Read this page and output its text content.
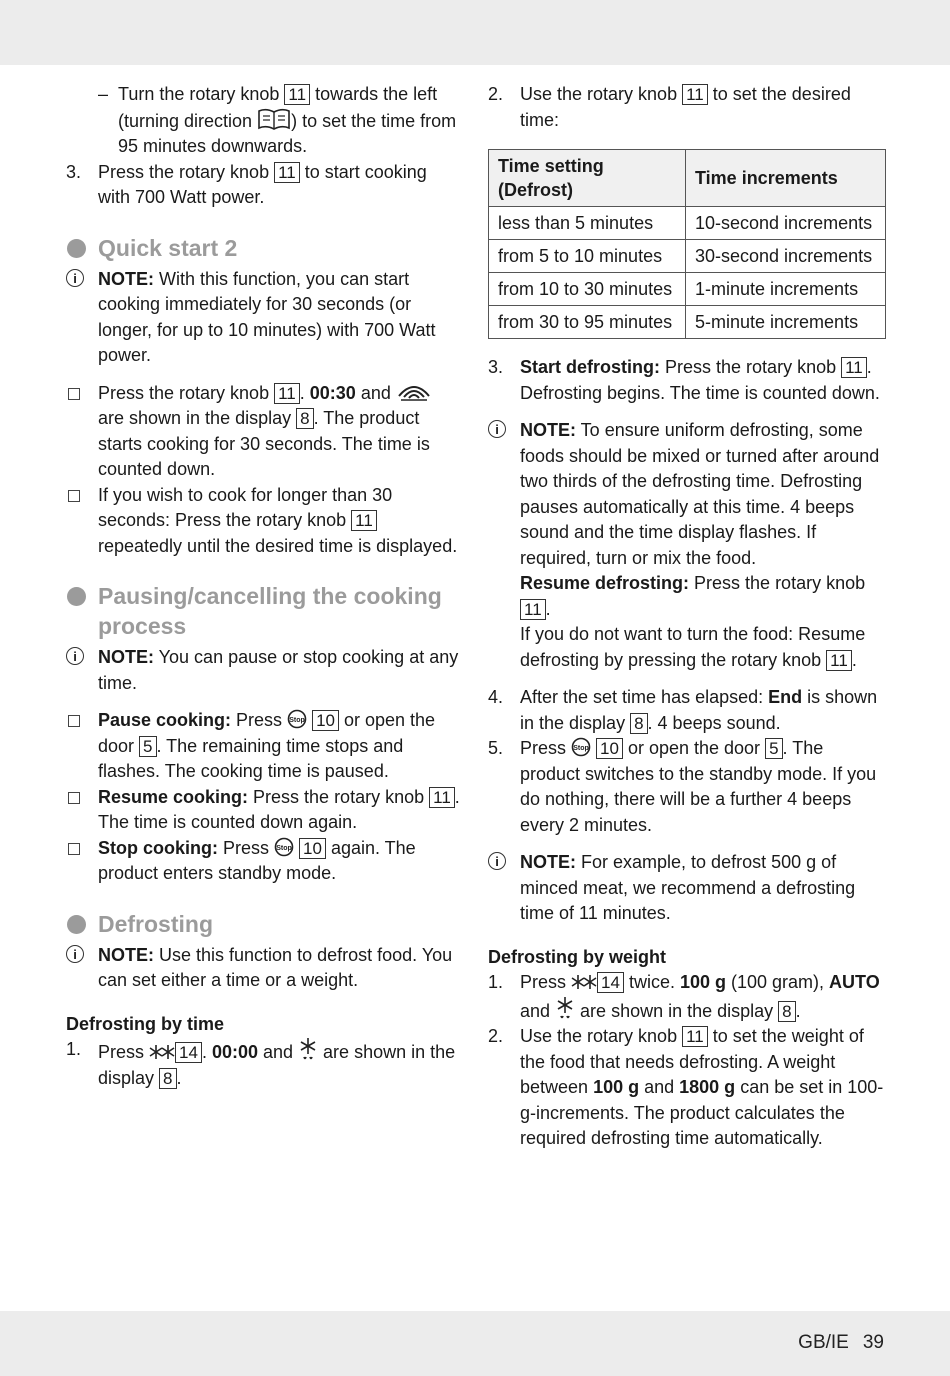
– Turn the rotary knob 11 towards the left (turning direction ) to set the time from 95 minutes downwards.
3. Press the rotary knob 11 to start cooking with 700 Watt power.
Quick start 2
i	NOTE: With this function, you can start cooking immediately for 30 seconds (or longer, for up to 10 minutes) with 700 Watt power.
Press the rotary knob 11 . 00:30 and  are shown in the display 8 . The product starts cooking for 30 seconds. The time is counted down.
If you wish to cook for longer than 30 seconds: Press the rotary knob 11 repeatedly until the desired time is displayed.
Pausing/cancelling the cooking process
i	NOTE: You can pause or stop cooking at any time.
Pause cooking: Press Stop 10 or open the door 5 . The remaining time stops and flashes. The cooking time is paused.
Resume cooking: Press the rotary knob 11 . The time is counted down again.
Stop cooking: Press Stop 10 again. The product enters standby mode.
Defrosting
i	NOTE: Use this function to defrost food. You can set either a time or a weight.
Defrosting by time
1. Press 14 . 00:00 and  are shown in the display 8 .
2. Use the rotary knob 11 to set the desired time:
Time setting (Defrost)	Time increments
less than 5 minutes	10-second increments
from 5 to 10 minutes	30-second increments
from 10 to 30 minutes	1-minute increments
from 30 to 95 minutes	5-minute increments
3. Start defrosting: Press the rotary knob 11 . Defrosting begins. The time is counted down.
i	NOTE: To ensure uniform defrosting, some foods should be mixed or turned after around two thirds of the defrosting time. Defrosting pauses automatically at this time. 4 beeps sound and the time display flashes. If required, turn or mix the food.
Resume defrosting: Press the rotary knob 11 .
If you do not want to turn the food: Resume defrosting by pressing the rotary knob 11 .
4. After the set time has elapsed: End is shown in the display 8 . 4 beeps sound.
5. Press Stop 10 or open the door 5 . The product switches to the standby mode. If you do nothing, there will be a further 4 beeps every 2 minutes.
i	NOTE: For example, to defrost 500 g of minced meat, we recommend a defrosting time of 11 minutes.
Defrosting by weight
1. Press 14 twice. 100 g (100 gram), AUTO and  are shown in the display 8 .
2. Use the rotary knob 11 to set the weight of the food that needs defrosting. A weight between 100 g and 1800 g can be set in 100-g-increments. The product calculates the required defrosting time automatically.
GB/IE 39
